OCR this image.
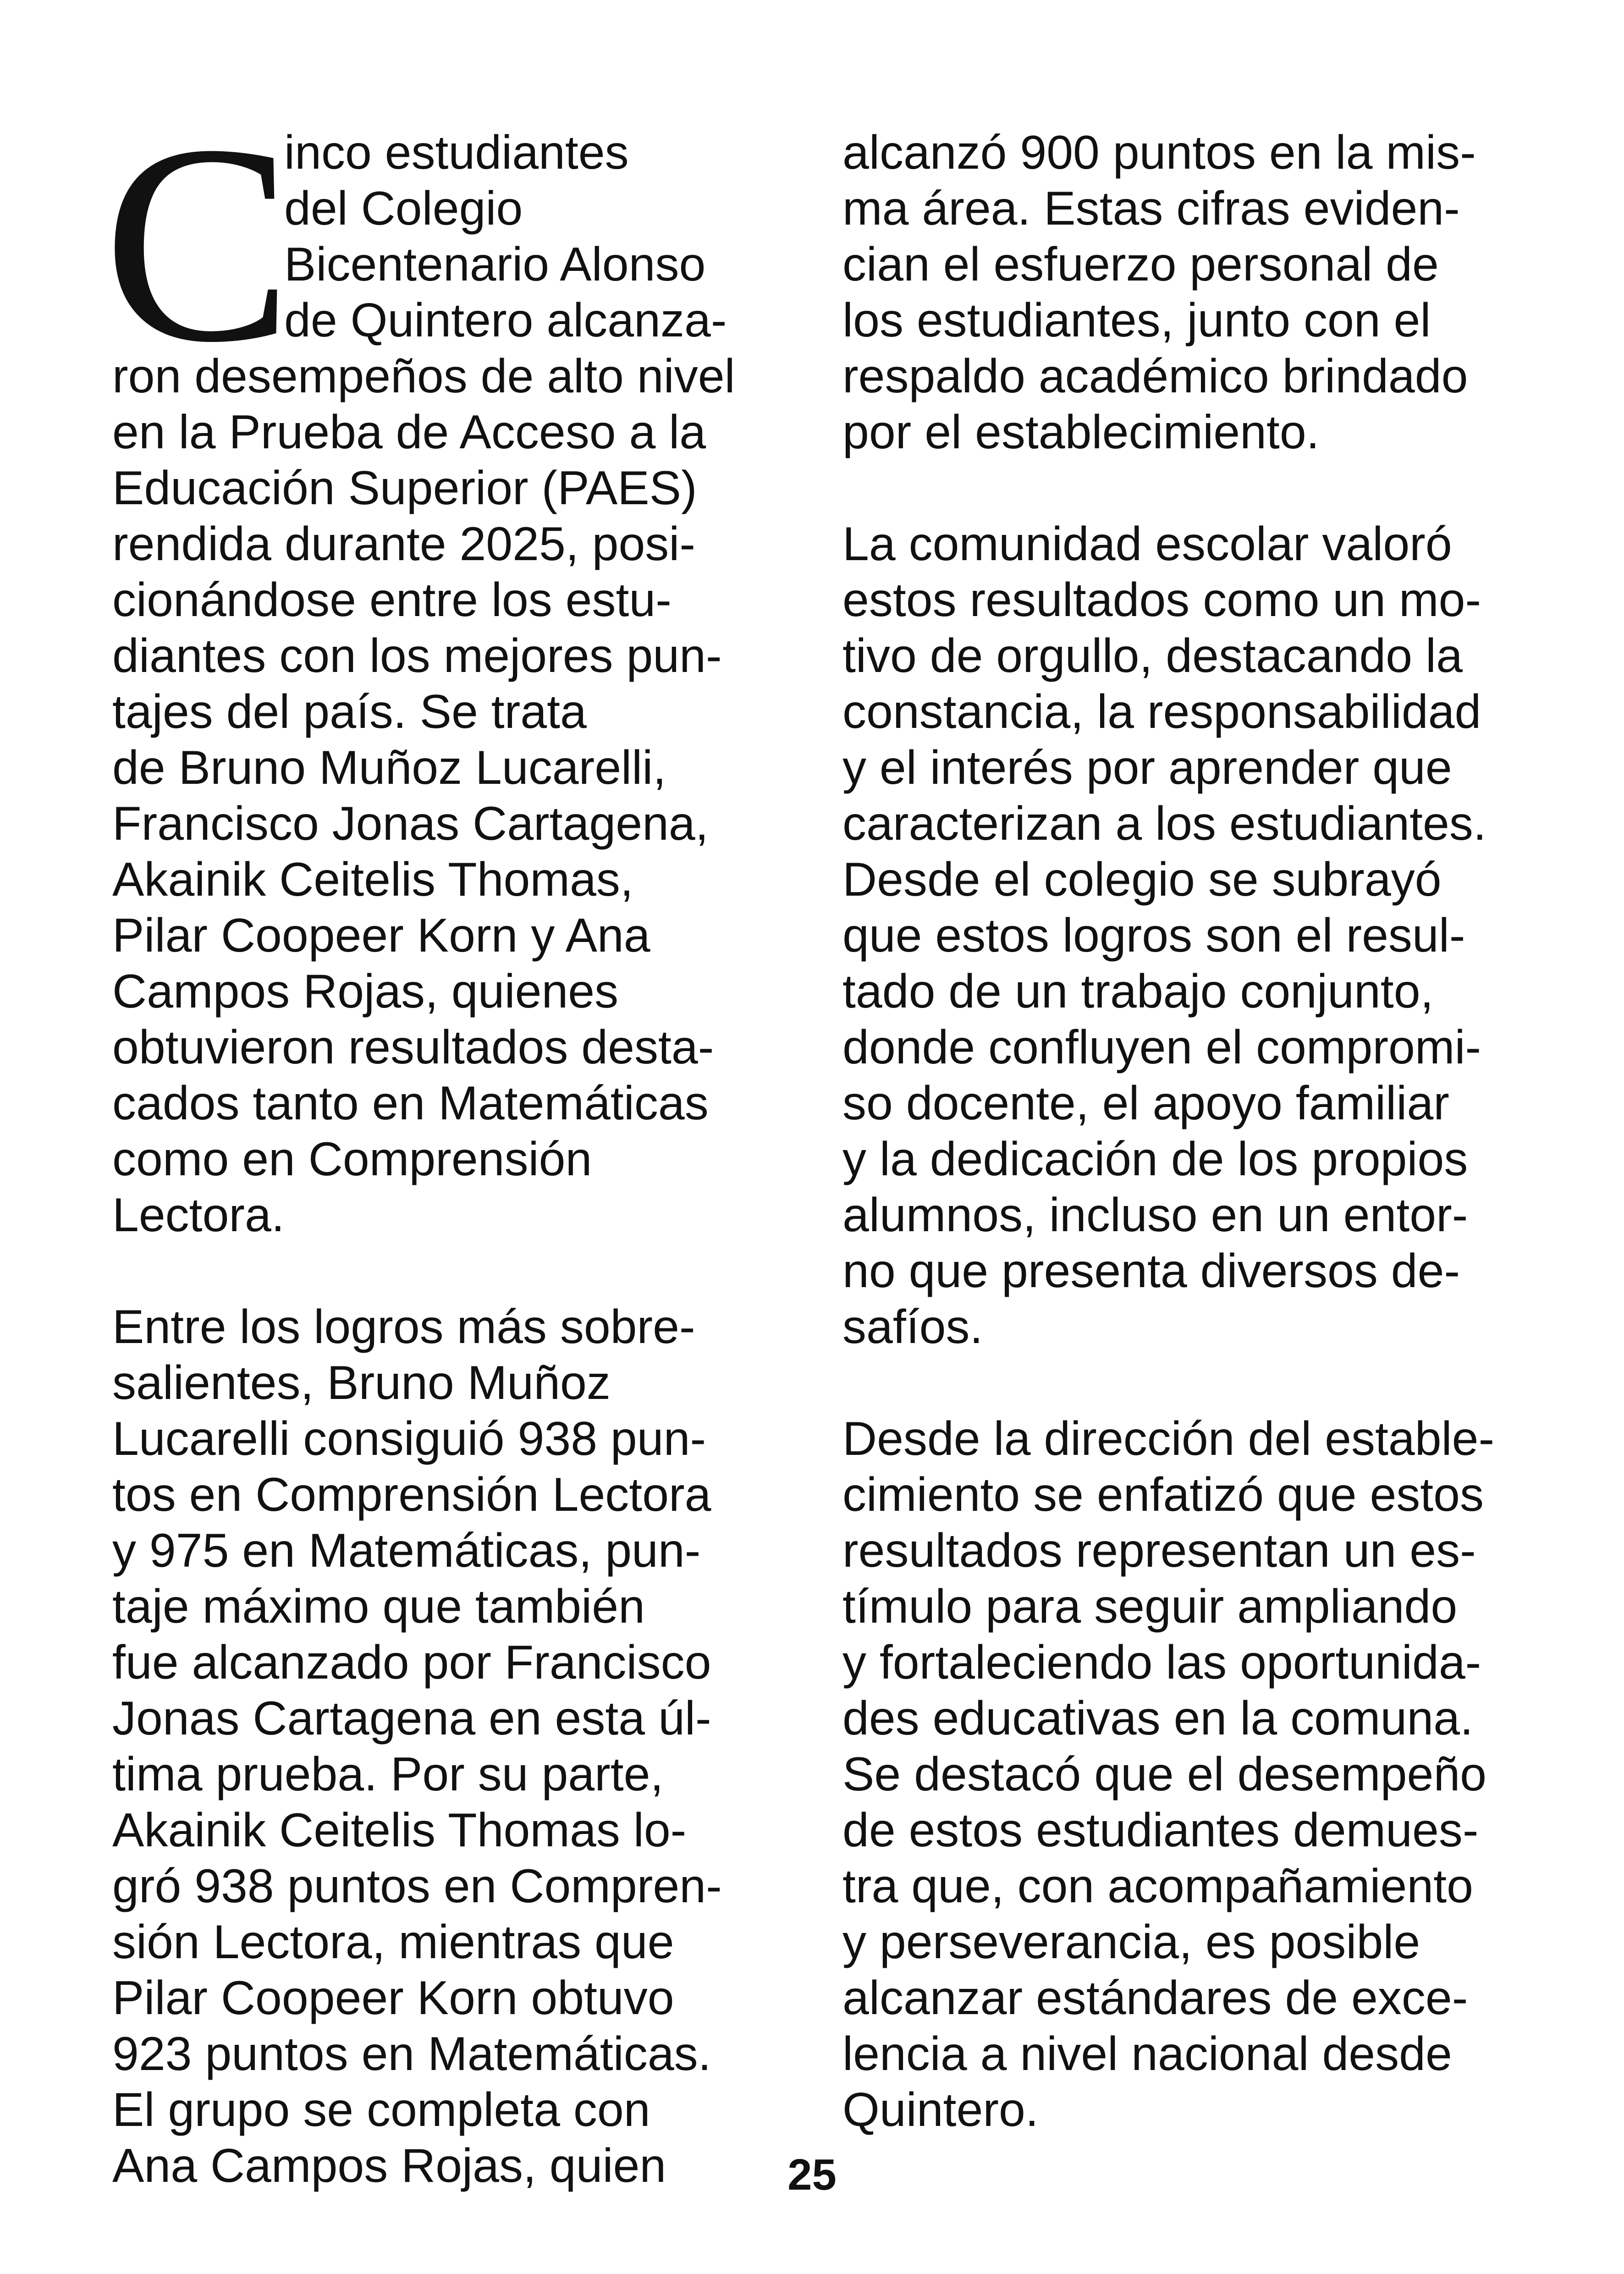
C
inco estudiantes
del Colegio
Bicentenario Alonso
de Quintero alcanza-
ron desempeños de alto nivel
en la Prueba de Acceso a la
Educación Superior (PAES)
rendida durante 2025, posi-
cionándose entre los estu-
diantes con los mejores pun-
tajes del país. Se trata
de Bruno Muñoz Lucarelli,
Francisco Jonas Cartagena,
Akainik Ceitelis Thomas,
Pilar Coopeer Korn y Ana
Campos Rojas, quienes
obtuvieron resultados desta-
cados tanto en Matemáticas
como en Comprensión
Lectora.
Entre los logros más sobre-
salientes, Bruno Muñoz
Lucarelli consiguió 938 pun-
tos en Comprensión Lectora
y 975 en Matemáticas, pun-
taje máximo que también
fue alcanzado por Francisco
Jonas Cartagena en esta úl-
tima prueba. Por su parte,
Akainik Ceitelis Thomas lo-
gró 938 puntos en Compren-
sión Lectora, mientras que
Pilar Coopeer Korn obtuvo
923 puntos en Matemáticas.
El grupo se completa con
Ana Campos Rojas, quien
alcanzó 900 puntos en la mis-
ma área. Estas cifras eviden-
cian el esfuerzo personal de
los estudiantes, junto con el
respaldo académico brindado
por el establecimiento.
La comunidad escolar valoró
estos resultados como un mo-
tivo de orgullo, destacando la
constancia, la responsabilidad
y el interés por aprender que
caracterizan a los estudiantes.
Desde el colegio se subrayó
que estos logros son el resul-
tado de un trabajo conjunto,
donde confluyen el compromi-
so docente, el apoyo familiar
y la dedicación de los propios
alumnos, incluso en un entor-
no que presenta diversos de-
safíos.
Desde la dirección del estable-
cimiento se enfatizó que estos
resultados representan un es-
tímulo para seguir ampliando
y fortaleciendo las oportunida-
des educativas en la comuna.
Se destacó que el desempeño
de estos estudiantes demues-
tra que, con acompañamiento
y perseverancia, es posible
alcanzar estándares de exce-
lencia a nivel nacional desde
Quintero.
25
